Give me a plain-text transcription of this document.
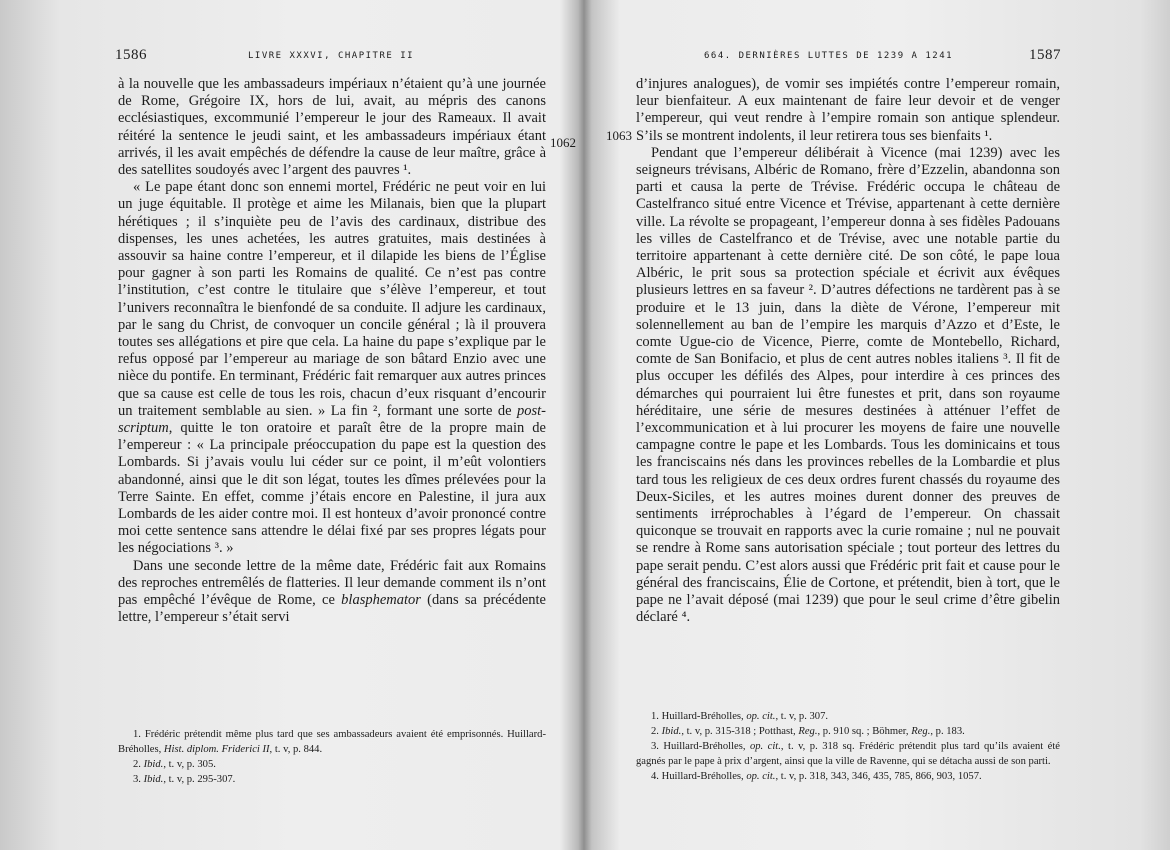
1586	LIVRE XXXVI, CHAPITRE II
1062

à la nouvelle que les ambassadeurs impériaux n’étaient qu’à une journée de Rome, Grégoire IX, hors de lui, avait, au mépris des canons ecclésiastiques, excommunié l’empereur le jour des Rameaux. Il avait réitéré la sentence le jeudi saint, et les ambassadeurs impériaux étant arrivés, il les avait empêchés de défendre la cause de leur maître, grâce à des satellites soudoyés avec l’argent des pauvres ¹.

« Le pape étant donc son ennemi mortel, Frédéric ne peut voir en lui un juge équitable. Il protège et aime les Milanais, bien que la plupart hérétiques ; il s’inquiète peu de l’avis des cardinaux, distribue des dispenses, les unes achetées, les autres gratuites, mais destinées à assouvir sa haine contre l’empereur, et il dilapide les biens de l’Église pour gagner à son parti les Romains de qualité. Ce n’est pas contre l’institution, c’est contre le titulaire que s’élève l’empereur, et tout l’univers reconnaîtra le bienfondé de sa conduite. Il adjure les cardinaux, par le sang du Christ, de convoquer un concile général ; là il prouvera toutes ses allégations et pire que cela. La haine du pape s’explique par le refus opposé par l’empereur au mariage de son bâtard Enzio avec une nièce du pontife. En terminant, Frédéric fait remarquer aux autres princes que sa cause est celle de tous les rois, chacun d’eux risquant d’encourir un traitement semblable au sien. » La fin ², formant une sorte de post-scriptum, quitte le ton oratoire et paraît être de la propre main de l’empereur : « La principale préoccupation du pape est la question des Lombards. Si j’avais voulu lui céder sur ce point, il m’eût volontiers abandonné, ainsi que le dit son légat, toutes les dîmes prélevées pour la Terre Sainte. En effet, comme j’étais encore en Palestine, il jura aux Lombards de les aider contre moi. Il est honteux d’avoir prononcé contre moi cette sentence sans attendre le délai fixé par ses propres légats pour les négociations ³. »

Dans une seconde lettre de la même date, Frédéric fait aux Romains des reproches entremêlés de flatteries. Il leur demande comment ils n’ont pas empêché l’évêque de Rome, ce blasphemator (dans sa précédente lettre, l’empereur s’était servi

1. Frédéric prétendit même plus tard que ses ambassadeurs avaient été emprisonnés. Huillard-Bréholles, Hist. diplom. Friderici II, t. v, p. 844.

2. Ibid., t. v, p. 305.

3. Ibid., t. v, p. 295-307.

664. DERNIÈRES LUTTES DE 1239 A 1241	1587
1063

d’injures analogues), de vomir ses impiétés contre l’empereur romain, leur bienfaiteur. A eux maintenant de faire leur devoir et de venger l’empereur, qui veut rendre à l’empire romain son antique splendeur. S’ils se montrent indolents, il leur retirera tous ses bienfaits ¹.

Pendant que l’empereur délibérait à Vicence (mai 1239) avec les seigneurs trévisans, Albéric de Romano, frère d’Ezzelin, abandonna son parti et causa la perte de Trévise. Frédéric occupa le château de Castelfranco situé entre Vicence et Trévise, appartenant à cette dernière ville. La révolte se propageant, l’empereur donna à ses fidèles Padouans les villes de Castelfranco et de Trévise, avec une notable partie du territoire appartenant à cette dernière cité. De son côté, le pape loua Albéric, le prit sous sa protection spéciale et écrivit aux évêques plusieurs lettres en sa faveur ². D’autres défections ne tardèrent pas à se produire et le 13 juin, dans la diète de Vérone, l’empereur mit solennellement au ban de l’empire les marquis d’Azzo et d’Este, le comte Ugue-cio de Vicence, Pierre, comte de Montebello, Richard, comte de San Bonifacio, et plus de cent autres nobles italiens ³. Il fit de plus occuper les défilés des Alpes, pour interdire à ces princes des démarches qui pourraient lui être funestes et prit, dans son royaume héréditaire, une série de mesures destinées à atténuer l’effet de l’excommunication et à lui procurer les moyens de faire une nouvelle campagne contre le pape et les Lombards. Tous les dominicains et tous les franciscains nés dans les provinces rebelles de la Lombardie et plus tard tous les religieux de ces deux ordres furent chassés du royaume des Deux-Siciles, et les autres moines durent donner des preuves de sentiments irréprochables à l’égard de l’empereur. On chassait quiconque se trouvait en rapports avec la curie romaine ; nul ne pouvait se rendre à Rome sans autorisation spéciale ; tout porteur des lettres du pape serait pendu. C’est alors aussi que Frédéric prit fait et cause pour le général des franciscains, Élie de Cortone, et prétendit, bien à tort, que le pape ne l’avait déposé (mai 1239) que pour le seul crime d’être gibelin déclaré ⁴.

1. Huillard-Bréholles, op. cit., t. v, p. 307.

2. Ibid., t. v, p. 315-318 ; Potthast, Reg., p. 910 sq. ; Böhmer, Reg., p. 183.

3. Huillard-Bréholles, op. cit., t. v, p. 318 sq. Frédéric prétendit plus tard qu’ils avaient été gagnés par le pape à prix d’argent, ainsi que la ville de Ravenne, qui se détacha aussi de son parti.

4. Huillard-Bréholles, op. cit., t. v, p. 318, 343, 346, 435, 785, 866, 903, 1057.
